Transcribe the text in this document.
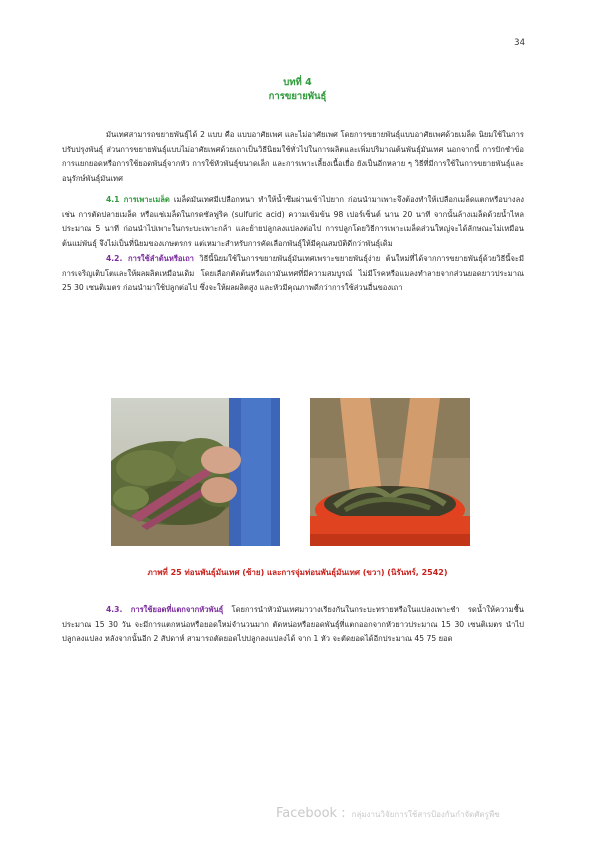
34
บทที่ 4
การขยายพันธุ์

มันเทศสามารถขยายพันธุ์ได้ 2 แบบ คือ แบบอาศัยเพศ และไม่อาศัยเพศ โดยการขยายพันธุ์แบบอาศัยเพศด้วยเมล็ด นิยมใช้ในการปรับปรุงพันธุ์ ส่วนการขยายพันธุ์แบบไม่อาศัยเพศด้วยเถาเป็นวิธีนิยมใช้ทั่วไปในการผลิตและเพิ่มปริมาณต้นพันธุ์มันเทศ นอกจากนี้ การปักชำข้อ การแยกยอดหรือการใช้ยอดพันธุ์จากหัว การใช้หัวพันธุ์ขนาดเล็ก และการเพาะเลี้ยงเนื้อเยื่อ ยังเป็นอีกหลาย ๆ วิธีที่มีการใช้ในการขยายพันธุ์และอนุรักษ์พันธุ์มันเทศ

4.1 การเพาะเมล็ด เมล็ดมันเทศมีเปลือกหนา ทำให้น้ำซึมผ่านเข้าไปยาก ก่อนนำมาเพาะจึงต้องทำให้เปลือกเมล็ดแตกหรือบางลง เช่น การตัดปลายเมล็ด หรือแช่เมล็ดในกรดซัลฟูริค (sulfuric acid) ความเข้มข้น 98 เปอร์เซ็นต์ นาน 20 นาที จากนั้นล้างเมล็ดด้วยน้ำไหลประมาณ 5 นาที ก่อนนำไปเพาะในกระบะเพาะกล้า และย้ายปลูกลงแปลงต่อไป การปลูกโดยวิธีการเพาะเมล็ดส่วนใหญ่จะได้ลักษณะไม่เหมือนต้นแม่พันธุ์ จึงไม่เป็นที่นิยมของเกษตรกร แต่เหมาะสำหรับการคัดเลือกพันธุ์ให้มีคุณสมบัติดีกว่าพันธุ์เดิม

4.2. การใช้ลำต้นหรือเถา วิธีนี้นิยมใช้ในการขยายพันธุ์มันเทศเพราะขยายพันธุ์ง่าย ต้นใหม่ที่ได้จากการขยายพันธุ์ด้วยวิธีนี้จะมีการเจริญเติบโตและให้ผลผลิตเหมือนเดิม โดยเลือกตัดต้นหรือเถามันเทศที่มีความสมบูรณ์ ไม่มีโรคหรือแมลงทำลายจากส่วนยอดยาวประมาณ 25 30 เซนติเมตร ก่อนนำมาใช้ปลูกต่อไป ซึ่งจะให้ผลผลิตสูง และหัวมีคุณภาพดีกว่าการใช้ส่วนอื่นของเถา

ภาพที่ 25 ท่อนพันธุ์มันเทศ (ซ้าย) และการจุ่มท่อนพันธุ์มันเทศ (ขวา) (นิรันทร์, 2542)

4.3. การใช้ยอดที่แตกจากหัวพันธุ์ โดยการนำหัวมันเทศมาวางเรียงกันในกระบะทรายหรือในแปลงเพาะชำ รดน้ำให้ความชื้นประมาณ 15 30 วัน จะมีการแตกหน่อหรือยอดใหม่จำนวนมาก ตัดหน่อหรือยอดพันธุ์ที่แตกออกจากหัวยาวประมาณ 15 30 เซนติเมตร นำไปปลูกลงแปลง หลังจากนั้นอีก 2 สัปดาห์ สามารถตัดยอดไปปลูกลงแปลงได้ จาก 1 หัว จะตัดยอดได้อีกประมาณ 45 75 ยอด

Facebook : กลุ่มงานวิจัยการใช้สารป้องกันกำจัดศัตรูพืช
